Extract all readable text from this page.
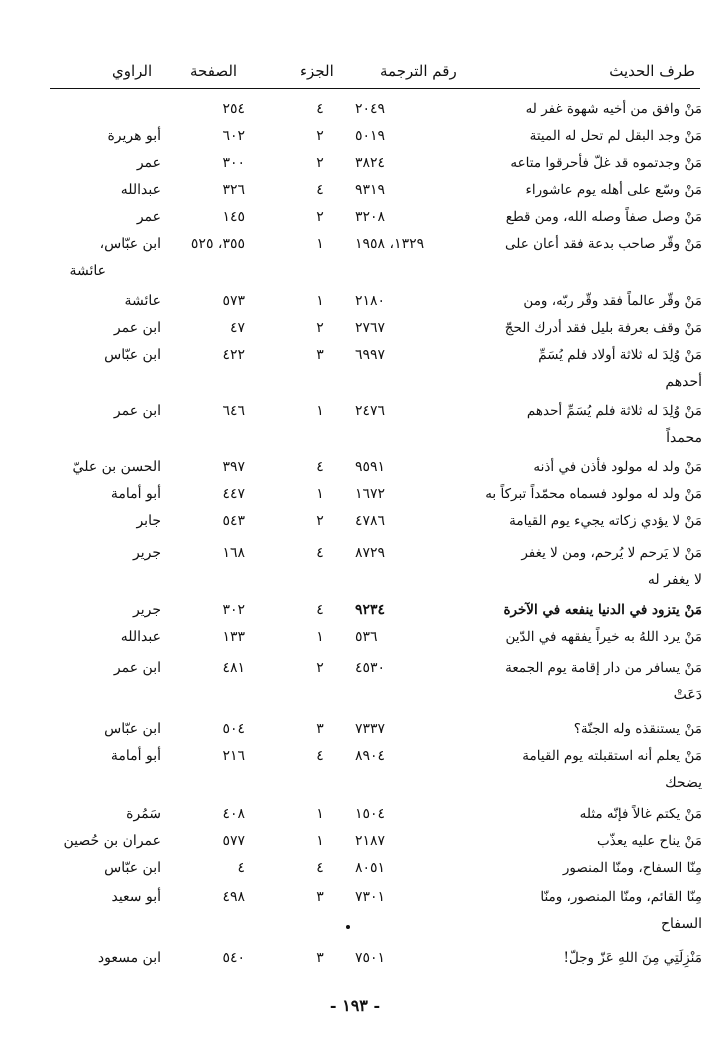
طرف الحديث
رقم الترجمة
الجزء
الصفحة
الراوي
مَنْ وافق من أخيه شهوة غفر له
٢٠٤٩
٤
٢٥٤
مَنْ وجد البقل لم تحل له الميتة
٥٠١٩
٢
٦٠٢
أبو هريرة
مَنْ وجدتموه قد غلّ فأحرقوا متاعه
٣٨٢٤
٢
٣٠٠
عمر
مَنْ وسّع على أهله يوم عاشوراء
٩٣١٩
٤
٣٢٦
عبدالله
مَنْ وصل صفاً وصله الله، ومن قطع
٣٢٠٨
٢
١٤٥
عمر
مَنْ وقّر صاحب بدعة فقد أعان على
١٣٢٩، ١٩٥٨
١
٣٥٥، ٥٢٥
ابن عبّاس،
عائشة
مَنْ وقّر عالماً فقد وقّر ربّه، ومن
٢١٨٠
١
٥٧٣
عائشة
مَنْ وقف بعرفة بليل فقد أدرك الحجّ
٢٧٦٧
٢
٤٧
ابن عمر
مَنْ وُلِدَ له ثلاثة أولاد فلم يُسَمِّ
أحدهم
٦٩٩٧
٣
٤٢٢
ابن عبّاس
مَنْ وُلِدَ له ثلاثة فلم يُسَمِّ أحدهم
محمداً
٢٤٧٦
١
٦٤٦
ابن عمر
مَنْ ولد له مولود فأذن في أذنه
٩٥٩١
٤
٣٩٧
الحسن بن عليّ
مَنْ ولد له مولود فسماه محمّداً تبركاً به
١٦٧٢
١
٤٤٧
أبو أمامة
مَنْ لا يؤدي زكاته يجيء يوم القيامة
٤٧٨٦
٢
٥٤٣
جابر
مَنْ لا يَرحم لا يُرحم، ومن لا يغفر
لا يغفر له
٨٧٢٩
٤
١٦٨
جرير
مَنْ يتزود في الدنيا ينفعه في الآخرة
٩٢٣٤
٤
٣٠٢
جرير
مَنْ يرد اللهُ به خيراً يفقهه في الدّين
٥٣٦
١
١٣٣
عبدالله
مَنْ يسافر من دار إقامة يوم الجمعة
دَعَتْ
٤٥٣٠
٢
٤٨١
ابن عمر
مَنْ يستنقذه وله الجنّة؟
٧٣٣٧
٣
٥٠٤
ابن عبّاس
مَنْ يعلم أنه استقبلته يوم القيامة
يضحك
٨٩٠٤
٤
٢١٦
أبو أمامة
مَنْ يكتم غالاً فإنّه مثله
١٥٠٤
١
٤٠٨
سَمُرة
مَنْ يناح عليه يعذّب
٢١٨٧
١
٥٧٧
عمران بن حُصين
مِنّا السفاح، ومنّا المنصور
٨٠٥١
٤
٤
ابن عبّاس
مِنّا القائم، ومنّا المنصور، ومنّا
السفاح
٧٣٠١
٣
٤٩٨
أبو سعيد
مَنْزِلَتِي مِنَ اللهِ عَزّ وجلّ!
٧٥٠١
٣
٥٤٠
ابن مسعود
- ١٩٣ -
